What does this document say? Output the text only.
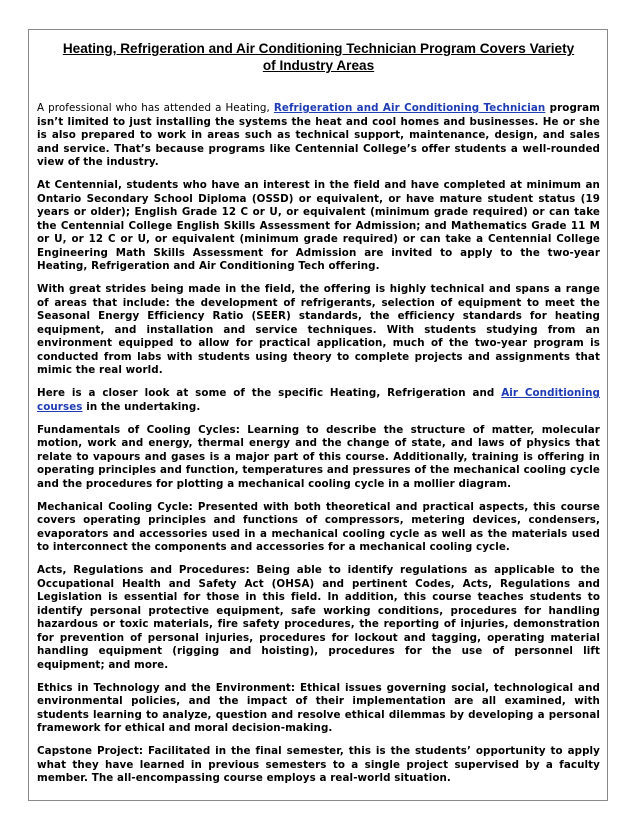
Heating, Refrigeration and Air Conditioning Technician Program Covers Variety
of Industry Areas

A professional who has attended a Heating, Refrigeration and Air Conditioning Technician program isn’t limited to just installing the systems the heat and cool homes and businesses. He or she is also prepared to work in areas such as technical support, maintenance, design, and sales and service. That’s because programs like Centennial College’s offer students a well-rounded view of the industry.

At Centennial, students who have an interest in the field and have completed at minimum an Ontario Secondary School Diploma (OSSD) or equivalent, or have mature student status (19 years or older); English Grade 12 C or U, or equivalent (minimum grade required) or can take the Centennial College English Skills Assessment for Admission; and Mathematics Grade 11 M or U, or 12 C or U, or equivalent (minimum grade required) or can take a Centennial College Engineering Math Skills Assessment for Admission are invited to apply to the two-year Heating, Refrigeration and Air Conditioning Tech offering.

With great strides being made in the field, the offering is highly technical and spans a range of areas that include: the development of refrigerants, selection of equipment to meet the Seasonal Energy Efficiency Ratio (SEER) standards, the efficiency standards for heating equipment, and installation and service techniques. With students studying from an environment equipped to allow for practical application, much of the two-year program is conducted from labs with students using theory to complete projects and assignments that mimic the real world.

Here is a closer look at some of the specific Heating, Refrigeration and Air Conditioning courses in the undertaking.

Fundamentals of Cooling Cycles: Learning to describe the structure of matter, molecular motion, work and energy, thermal energy and the change of state, and laws of physics that relate to vapours and gases is a major part of this course. Additionally, training is offering in operating principles and function, temperatures and pressures of the mechanical cooling cycle and the procedures for plotting a mechanical cooling cycle in a mollier diagram.

Mechanical Cooling Cycle: Presented with both theoretical and practical aspects, this course covers operating principles and functions of compressors, metering devices, condensers, evaporators and accessories used in a mechanical cooling cycle as well as the materials used to interconnect the components and accessories for a mechanical cooling cycle.

Acts, Regulations and Procedures: Being able to identify regulations as applicable to the Occupational Health and Safety Act (OHSA) and pertinent Codes, Acts, Regulations and Legislation is essential for those in this field. In addition, this course teaches students to identify personal protective equipment, safe working conditions, procedures for handling hazardous or toxic materials, fire safety procedures, the reporting of injuries, demonstration for prevention of personal injuries, procedures for lockout and tagging, operating material handling equipment (rigging and hoisting), procedures for the use of personnel lift equipment; and more.

Ethics in Technology and the Environment: Ethical issues governing social, technological and environmental policies, and the impact of their implementation are all examined, with students learning to analyze, question and resolve ethical dilemmas by developing a personal framework for ethical and moral decision-making.

Capstone Project: Facilitated in the final semester, this is the students’ opportunity to apply what they have learned in previous semesters to a single project supervised by a faculty member. The all-encompassing course employs a real-world situation.
